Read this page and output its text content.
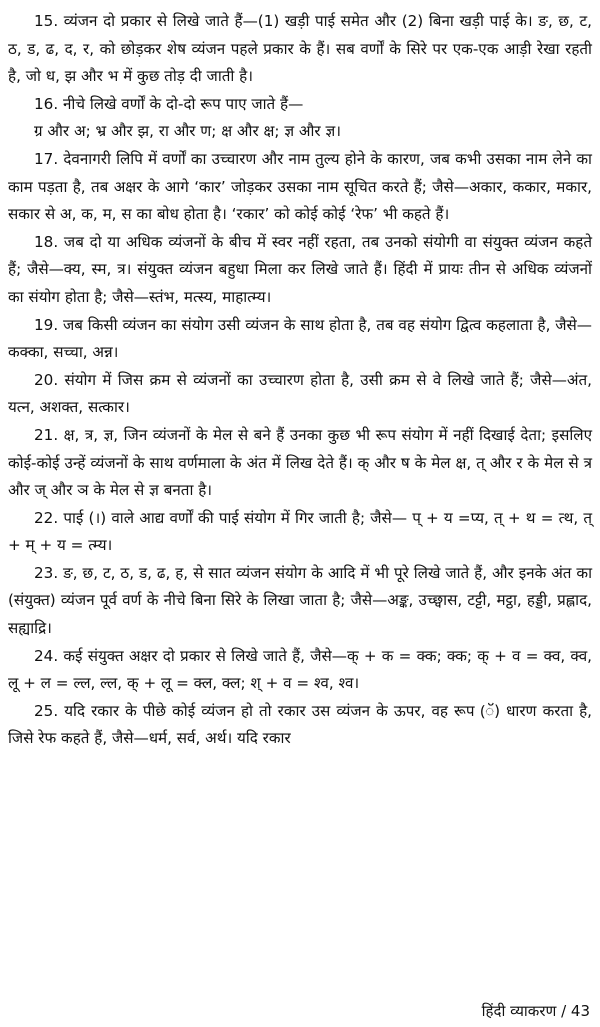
15. व्यंजन दो प्रकार से लिखे जाते हैं—(1) खड़ी पाई समेत और (2) बिना खड़ी पाई के। ङ, छ, ट, ठ, ड, ढ, द, र, को छोड़कर शेष व्यंजन पहले प्रकार के हैं। सब वर्णों के सिरे पर एक-एक आड़ी रेखा रहती है, जो ध, झ और भ में कुछ तोड़ दी जाती है।

16. नीचे लिखे वर्णों के दो-दो रूप पाए जाते हैं—

ग्र और अ; भ्र और झ, रा और ण; क्ष और क्ष; ज्ञ और ज्ञ।

17. देवनागरी लिपि में वर्णों का उच्चारण और नाम तुल्य होने के कारण, जब कभी उसका नाम लेने का काम पड़ता है, तब अक्षर के आगे ‘कार’ जोड़कर उसका नाम सूचित करते हैं; जैसे—अकार, ककार, मकार, सकार से अ, क, म, स का बोध होता है। ‘रकार’ को कोई कोई ‘रेफ’ भी कहते हैं।

18. जब दो या अधिक व्यंजनों के बीच में स्वर नहीं रहता, तब उनको संयोगी वा संयुक्त व्यंजन कहते हैं; जैसे—क्य, स्म, त्र। संयुक्त व्यंजन बहुधा मिला कर लिखे जाते हैं। हिंदी में प्रायः तीन से अधिक व्यंजनों का संयोग होता है; जैसे—स्तंभ, मत्स्य, माहात्म्य।

19. जब किसी व्यंजन का संयोग उसी व्यंजन के साथ होता है, तब वह संयोग द्वित्व कहलाता है, जैसे—कक्का, सच्चा, अन्न।

20. संयोग में जिस क्रम से व्यंजनों का उच्चारण होता है, उसी क्रम से वे लिखे जाते हैं; जैसे—अंत, यत्न, अशक्त, सत्कार।

21. क्ष, त्र, ज्ञ, जिन व्यंजनों के मेल से बने हैं उनका कुछ भी रूप संयोग में नहीं दिखाई देता; इसलिए कोई-कोई उन्हें व्यंजनों के साथ वर्णमाला के अंत में लिख देते हैं। क् और ष के मेल क्ष, त् और र के मेल से त्र और ज् और ञ के मेल से ज्ञ बनता है।

22. पाई (।) वाले आद्य वर्णों की पाई संयोग में गिर जाती है; जैसे— प् + य =प्य, त् + थ = त्थ, त् + म् + य = त्म्य।

23. ङ, छ, ट, ठ, ड, ढ, ह, से सात व्यंजन संयोग के आदि में भी पूरे लिखे जाते हैं, और इनके अंत का (संयुक्त) व्यंजन पूर्व वर्ण के नीचे बिना सिरे के लिखा जाता है; जैसे—अङ्क, उच्छ्वास, टट्टी, मट्ठा, हड्डी, प्रह्लाद, सह्याद्रि।

24. कई संयुक्त अक्षर दो प्रकार से लिखे जाते हैं, जैसे—क् + क = क्क; क्क; क् + व = क्व, क्व, लू + ल = ल्ल, ल्ल, क् + लू = क्ल, क्ल; श् + व = श्व, श्व।

25. यदि रकार के पीछे कोई व्यंजन हो तो रकार उस व्यंजन के ऊपर, वह रूप (ॅ) धारण करता है, जिसे रेफ कहते हैं, जैसे—धर्म, सर्व, अर्थ। यदि रकार

हिंदी व्याकरण / 43
